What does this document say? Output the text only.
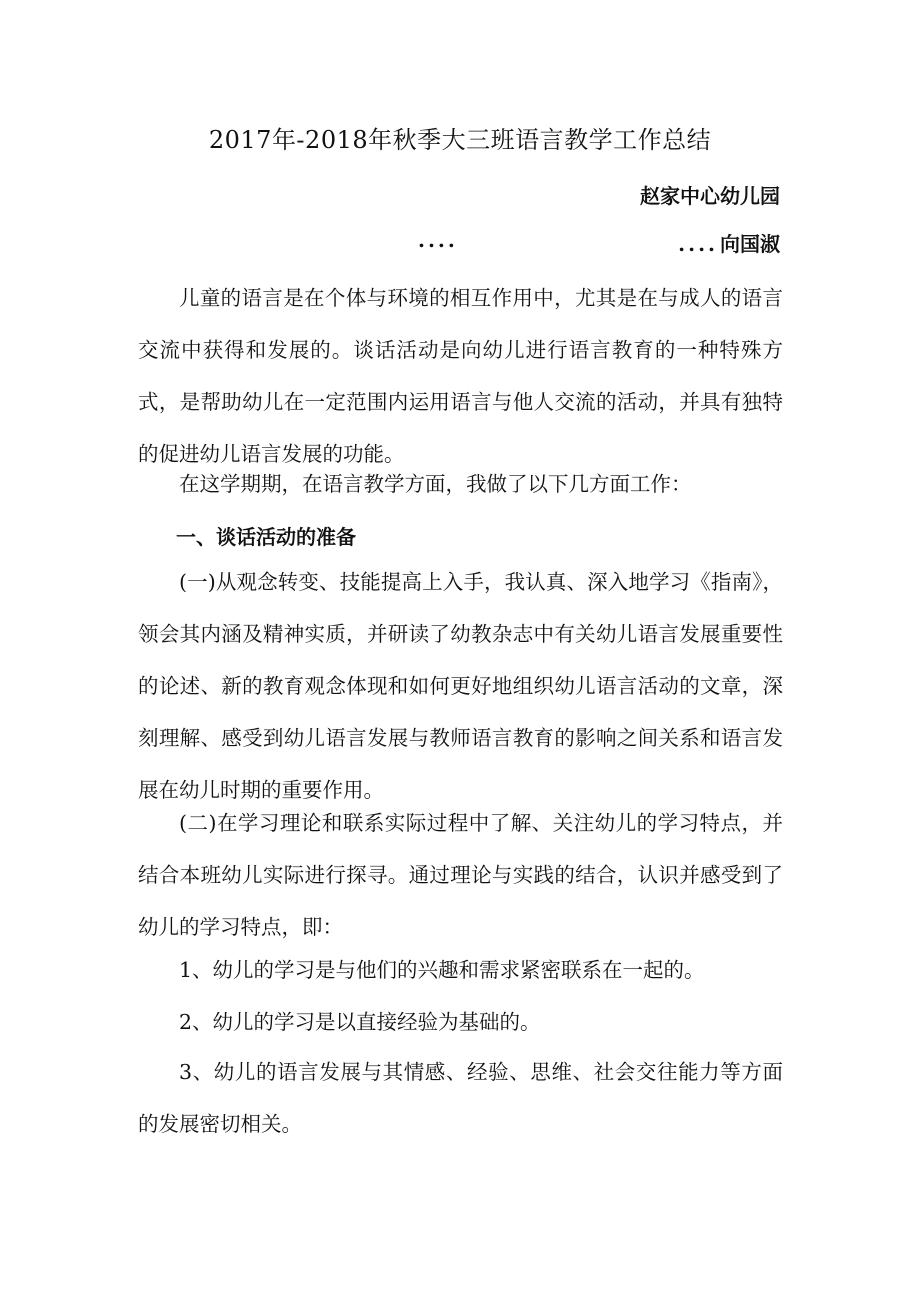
2017年-2018年秋季大三班语言教学工作总结
赵家中心幼儿园
....	.... 向国淑

儿童的语言是在个体与环境的相互作用中，尤其是在与成人的语言交流中获得和发展的。谈话活动是向幼儿进行语言教育的一种特殊方式，是帮助幼儿在一定范围内运用语言与他人交流的活动，并具有独特的促进幼儿语言发展的功能。

在这学期期，在语言教学方面，我做了以下几方面工作：

一、谈话活动的准备

(一)从观念转变、技能提高上入手，我认真、深入地学习《指南》，领会其内涵及精神实质，并研读了幼教杂志中有关幼儿语言发展重要性的论述、新的教育观念体现和如何更好地组织幼儿语言活动的文章，深刻理解、感受到幼儿语言发展与教师语言教育的影响之间关系和语言发展在幼儿时期的重要作用。

(二)在学习理论和联系实际过程中了解、关注幼儿的学习特点，并结合本班幼儿实际进行探寻。通过理论与实践的结合，认识并感受到了幼儿的学习特点，即：

1、幼儿的学习是与他们的兴趣和需求紧密联系在一起的。

2、幼儿的学习是以直接经验为基础的。

3、幼儿的语言发展与其情感、经验、思维、社会交往能力等方面的发展密切相关。
